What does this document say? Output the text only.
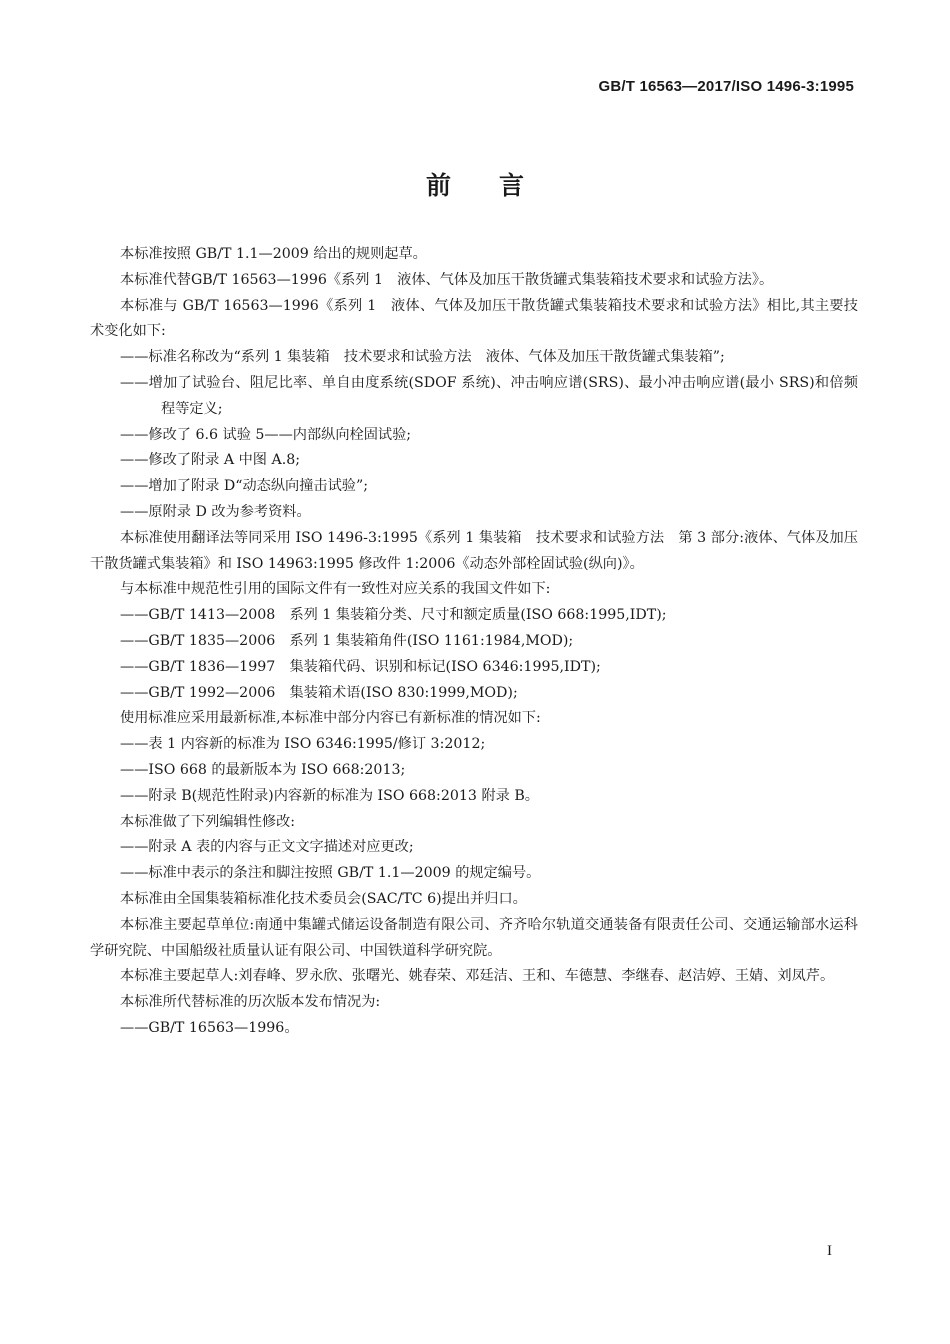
GB/T 16563—2017/ISO 1496-3:1995
前言

本标准按照 GB/T 1.1—2009 给出的规则起草。

本标准代替GB/T 16563—1996《系列 1　液体、气体及加压干散货罐式集装箱技术要求和试验方法》。

本标准与 GB/T 16563—1996《系列 1　液体、气体及加压干散货罐式集装箱技术要求和试验方法》相比,其主要技术变化如下:

——标准名称改为“系列 1 集装箱　技术要求和试验方法　液体、气体及加压干散货罐式集装箱”;

——增加了试验台、阻尼比率、单自由度系统(SDOF 系统)、冲击响应谱(SRS)、最小冲击响应谱(最小 SRS)和倍频程等定义;

——修改了 6.6 试验 5——内部纵向栓固试验;

——修改了附录 A 中图 A.8;

——增加了附录 D“动态纵向撞击试验”;

——原附录 D 改为参考资料。

本标准使用翻译法等同采用 ISO 1496-3:1995《系列 1 集装箱　技术要求和试验方法　第 3 部分:液体、气体及加压干散货罐式集装箱》和 ISO 14963:1995 修改件 1:2006《动态外部栓固试验(纵向)》。

与本标准中规范性引用的国际文件有一致性对应关系的我国文件如下:

——GB/T 1413—2008　系列 1 集装箱分类、尺寸和额定质量(ISO 668:1995,IDT);

——GB/T 1835—2006　系列 1 集装箱角件(ISO 1161:1984,MOD);

——GB/T 1836—1997　集装箱代码、识别和标记(ISO 6346:1995,IDT);

——GB/T 1992—2006　集装箱术语(ISO 830:1999,MOD);

使用标准应采用最新标准,本标准中部分内容已有新标准的情况如下:

——表 1 内容新的标准为 ISO 6346:1995/修订 3:2012;

——ISO 668 的最新版本为 ISO 668:2013;

——附录 B(规范性附录)内容新的标准为 ISO 668:2013 附录 B。

本标准做了下列编辑性修改:

——附录 A 表的内容与正文文字描述对应更改;

——标准中表示的条注和脚注按照 GB/T 1.1—2009 的规定编号。

本标准由全国集装箱标准化技术委员会(SAC/TC 6)提出并归口。

本标准主要起草单位:南通中集罐式储运设备制造有限公司、齐齐哈尔轨道交通装备有限责任公司、交通运输部水运科学研究院、中国船级社质量认证有限公司、中国铁道科学研究院。

本标准主要起草人:刘春峰、罗永欣、张曙光、姚春荣、邓廷洁、王和、车德慧、李继春、赵洁婷、王婧、刘凤芹。

本标准所代替标准的历次版本发布情况为:

——GB/T 16563—1996。

I
